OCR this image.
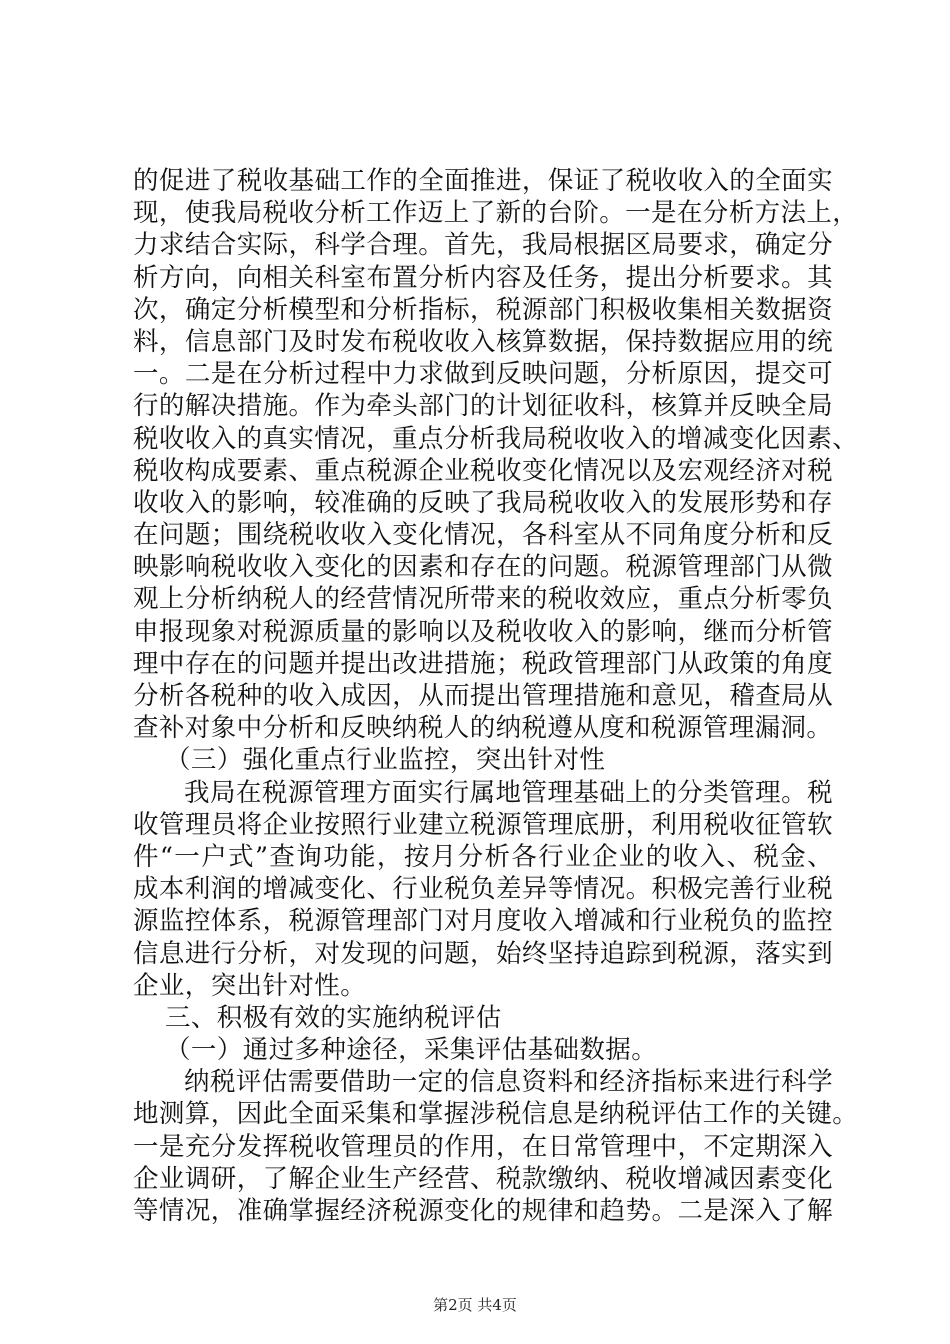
的促进了税收基础工作的全面推进，保证了税收收入的全面实
现，使我局税收分析工作迈上了新的台阶。一是在分析方法上，
力求结合实际，科学合理。首先，我局根据区局要求，确定分
析方向，向相关科室布置分析内容及任务，提出分析要求。其
次，确定分析模型和分析指标，税源部门积极收集相关数据资
料，信息部门及时发布税收收入核算数据，保持数据应用的统
一。二是在分析过程中力求做到反映问题，分析原因，提交可
行的解决措施。作为牵头部门的计划征收科，核算并反映全局
税收收入的真实情况，重点分析我局税收收入的增减变化因素、
税收构成要素、重点税源企业税收变化情况以及宏观经济对税
收收入的影响，较准确的反映了我局税收收入的发展形势和存
在问题；围绕税收收入变化情况，各科室从不同角度分析和反
映影响税收收入变化的因素和存在的问题。税源管理部门从微
观上分析纳税人的经营情况所带来的税收效应，重点分析零负
申报现象对税源质量的影响以及税收收入的影响，继而分析管
理中存在的问题并提出改进措施；税政管理部门从政策的角度
分析各税种的收入成因，从而提出管理措施和意见，稽查局从
查补对象中分析和反映纳税人的纳税遵从度和税源管理漏洞。
（三）强化重点行业监控，突出针对性
我局在税源管理方面实行属地管理基础上的分类管理。税
收管理员将企业按照行业建立税源管理底册，利用税收征管软
件“一户式”查询功能，按月分析各行业企业的收入、税金、
成本利润的增减变化、行业税负差异等情况。积极完善行业税
源监控体系，税源管理部门对月度收入增减和行业税负的监控
信息进行分析，对发现的问题，始终坚持追踪到税源，落实到
企业，突出针对性。
三、积极有效的实施纳税评估
（一）通过多种途径，采集评估基础数据。
纳税评估需要借助一定的信息资料和经济指标来进行科学
地测算，因此全面采集和掌握涉税信息是纳税评估工作的关键。
一是充分发挥税收管理员的作用，在日常管理中，不定期深入
企业调研，了解企业生产经营、税款缴纳、税收增减因素变化
等情况，准确掌握经济税源变化的规律和趋势。二是深入了解
第2页 共4页
